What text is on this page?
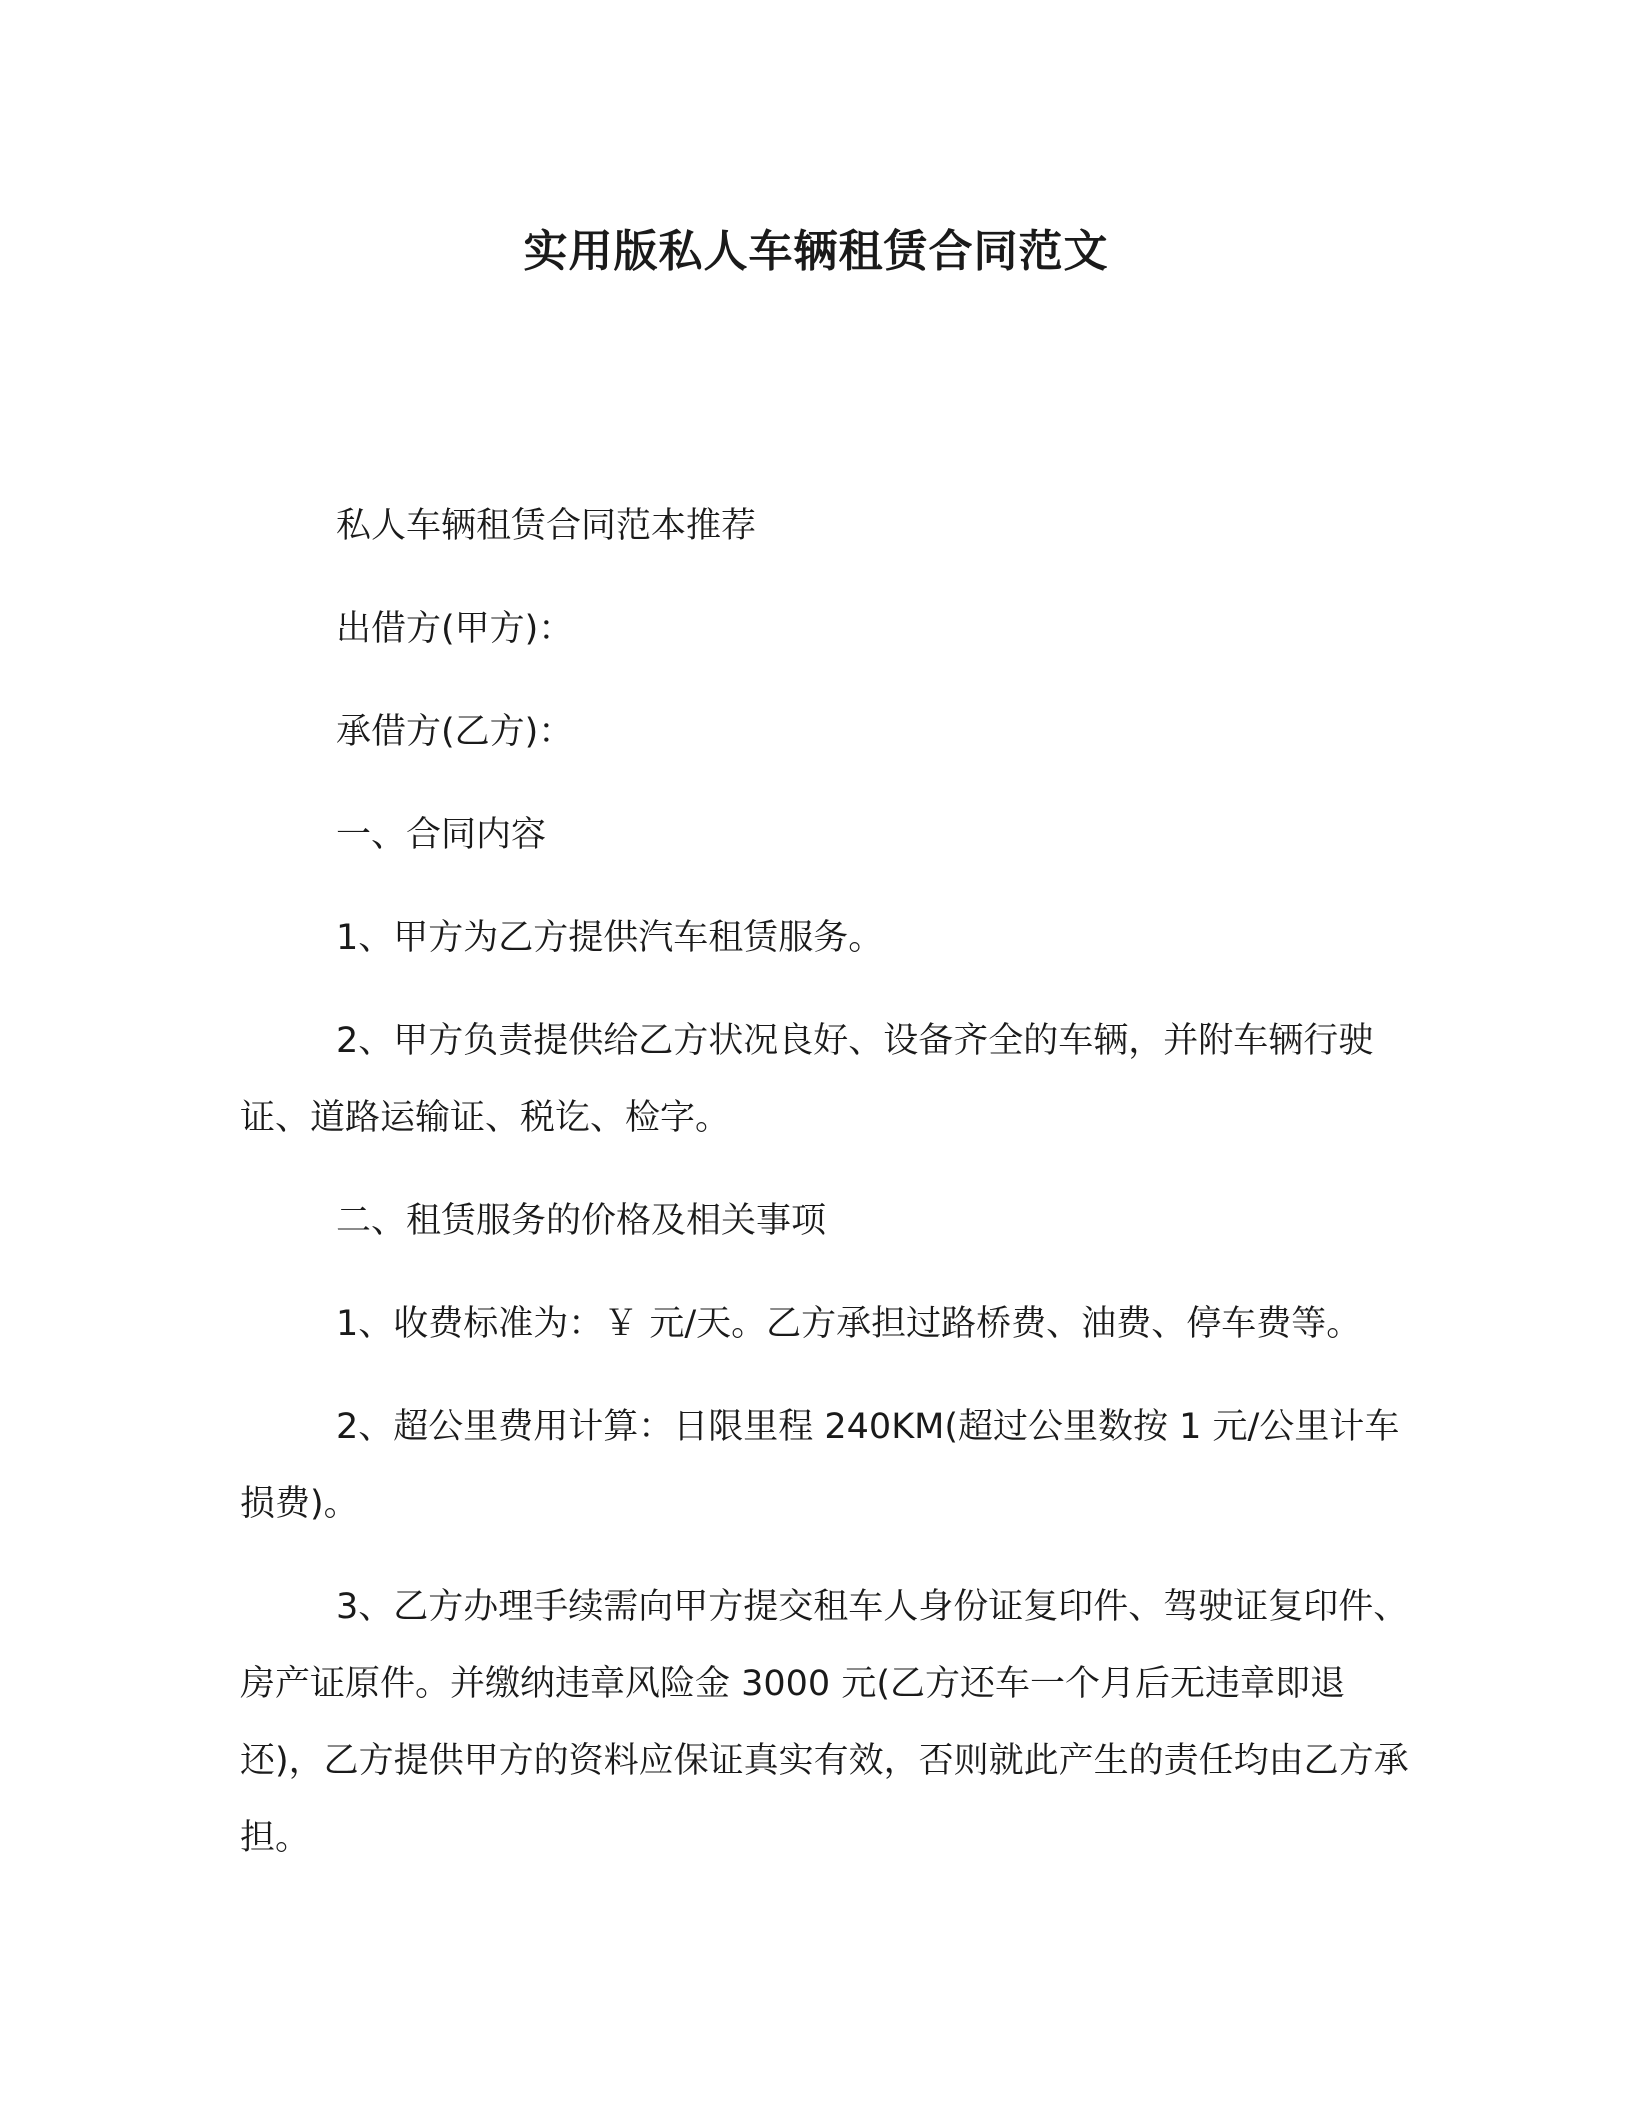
实用版私人车辆租赁合同范文

私人车辆租赁合同范本推荐

出借方(甲方)：

承借方(乙方)：

一、合同内容

1、甲方为乙方提供汽车租赁服务。

2、甲方负责提供给乙方状况良好、设备齐全的车辆，并附车辆行驶证、道路运输证、税讫、检字。

二、租赁服务的价格及相关事项

1、收费标准为：￥ 元/天。乙方承担过路桥费、油费、停车费等。

2、超公里费用计算：日限里程 240KM(超过公里数按 1 元/公里计车损费)。

3、乙方办理手续需向甲方提交租车人身份证复印件、驾驶证复印件、房产证原件。并缴纳违章风险金 3000 元(乙方还车一个月后无违章即退还)，乙方提供甲方的资料应保证真实有效，否则就此产生的责任均由乙方承担。
